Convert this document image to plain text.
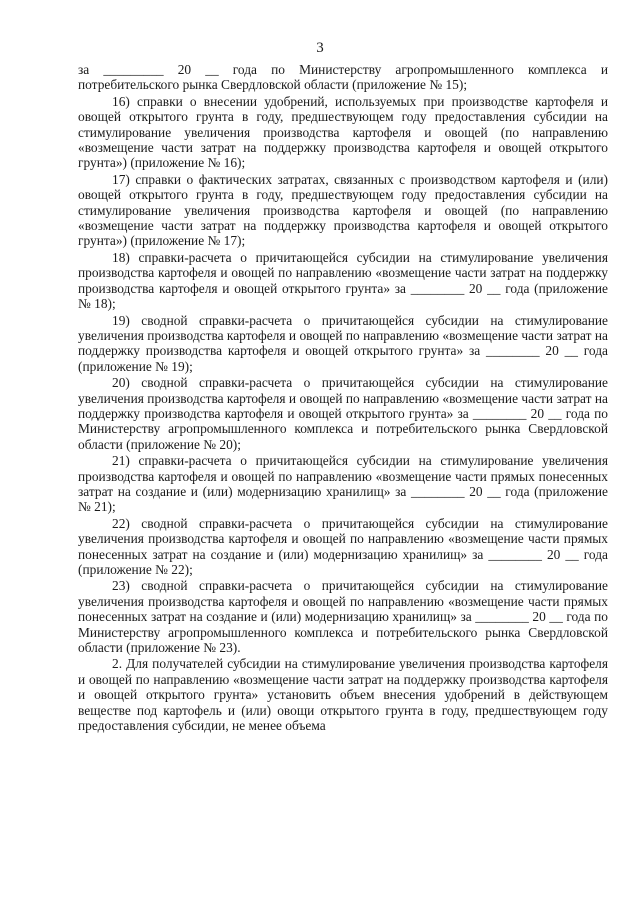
3

за _________ 20 __ года по Министерству агропромышленного комплекса и потребительского рынка Свердловской области (приложение № 15);

16) справки о внесении удобрений, используемых при производстве картофеля и овощей открытого грунта в году, предшествующем году предоставления субсидии на стимулирование увеличения производства картофеля и овощей (по направлению «возмещение части затрат на поддержку производства картофеля и овощей открытого грунта») (приложение № 16);

17) справки о фактических затратах, связанных с производством картофеля и (или) овощей открытого грунта в году, предшествующем году предоставления субсидии на стимулирование увеличения производства картофеля и овощей (по направлению «возмещение части затрат на поддержку производства картофеля и овощей открытого грунта») (приложение № 17);

18) справки-расчета о причитающейся субсидии на стимулирование увеличения производства картофеля и овощей по направлению «возмещение части затрат на поддержку производства картофеля и овощей открытого грунта» за ________ 20 __ года (приложение № 18);

19) сводной справки-расчета о причитающейся субсидии на стимулирование увеличения производства картофеля и овощей по направлению «возмещение части затрат на поддержку производства картофеля и овощей открытого грунта» за ________ 20 __ года (приложение № 19);

20) сводной справки-расчета о причитающейся субсидии на стимулирование увеличения производства картофеля и овощей по направлению «возмещение части затрат на поддержку производства картофеля и овощей открытого грунта» за ________ 20 __ года по Министерству агропромышленного комплекса и потребительского рынка Свердловской области (приложение № 20);

21) справки-расчета о причитающейся субсидии на стимулирование увеличения производства картофеля и овощей по направлению «возмещение части прямых понесенных затрат на создание и (или) модернизацию хранилищ» за ________ 20 __ года (приложение № 21);

22) сводной справки-расчета о причитающейся субсидии на стимулирование увеличения производства картофеля и овощей по направлению «возмещение части прямых понесенных затрат на создание и (или) модернизацию хранилищ» за ________ 20 __ года (приложение № 22);

23) сводной справки-расчета о причитающейся субсидии на стимулирование увеличения производства картофеля и овощей по направлению «возмещение части прямых понесенных затрат на создание и (или) модернизацию хранилищ» за ________ 20 __ года по Министерству агропромышленного комплекса и потребительского рынка Свердловской области (приложение № 23).

2. Для получателей субсидии на стимулирование увеличения производства картофеля и овощей по направлению «возмещение части затрат на поддержку производства картофеля и овощей открытого грунта» установить объем внесения удобрений в действующем веществе под картофель и (или) овощи открытого грунта в году, предшествующем году предоставления субсидии, не менее объема
